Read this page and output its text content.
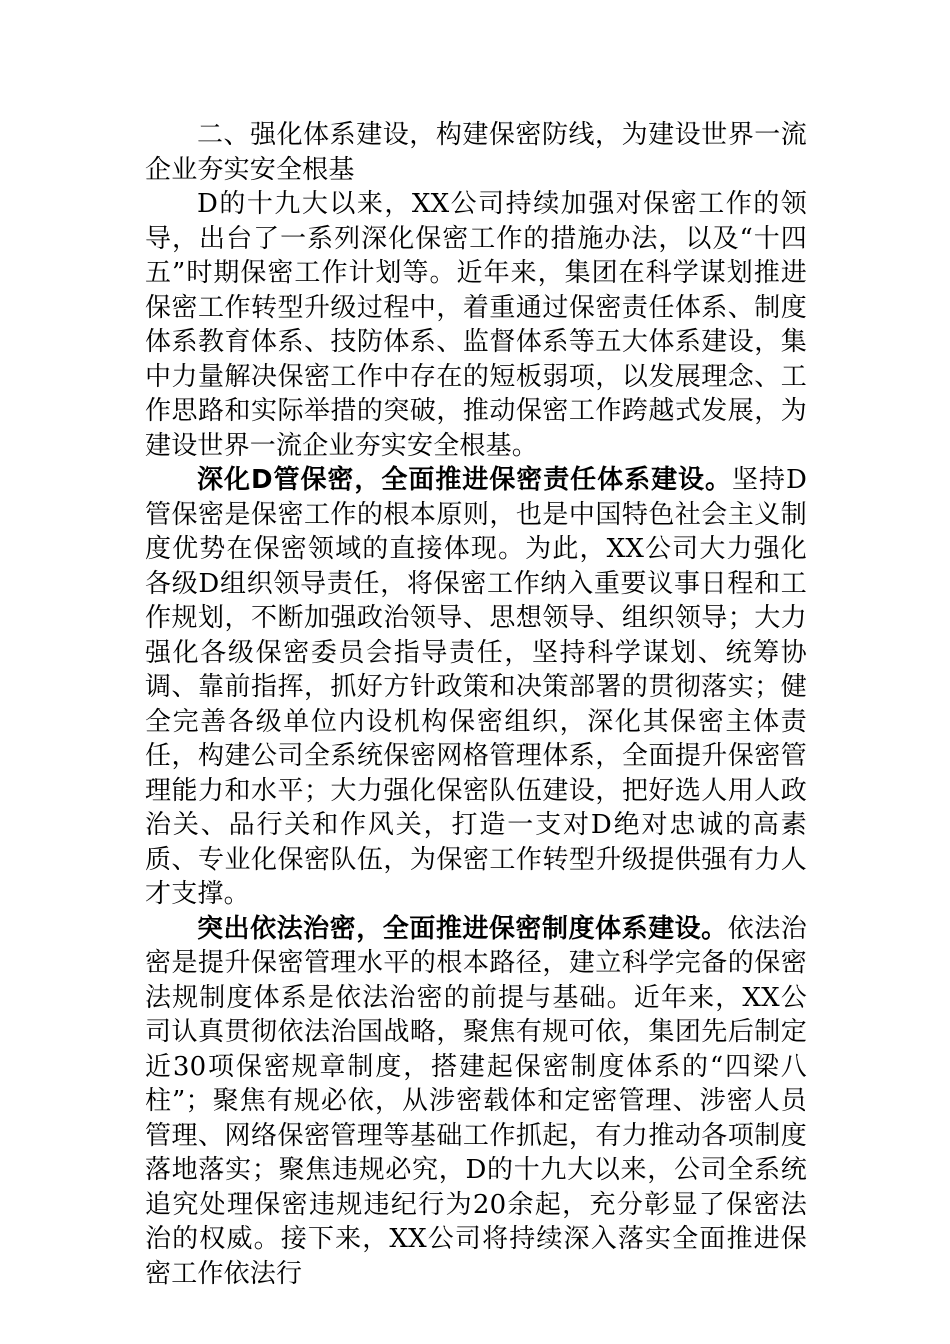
二、强化体系建设，构建保密防线，为建设世界一流企业夯实安全根基

D的十九大以来，XX公司持续加强对保密工作的领导，出台了一系列深化保密工作的措施办法，以及“十四五”时期保密工作计划等。近年来，集团在科学谋划推进保密工作转型升级过程中，着重通过保密责任体系、制度体系教育体系、技防体系、监督体系等五大体系建设，集中力量解决保密工作中存在的短板弱项，以发展理念、工作思路和实际举措的突破，推动保密工作跨越式发展，为建设世界一流企业夯实安全根基。

深化D管保密，全面推进保密责任体系建设。坚持D管保密是保密工作的根本原则，也是中国特色社会主义制度优势在保密领域的直接体现。为此，XX公司大力强化各级D组织领导责任，将保密工作纳入重要议事日程和工作规划，不断加强政治领导、思想领导、组织领导；大力强化各级保密委员会指导责任，坚持科学谋划、统筹协调、靠前指挥，抓好方针政策和决策部署的贯彻落实；健全完善各级单位内设机构保密组织，深化其保密主体责任，构建公司全系统保密网格管理体系，全面提升保密管理能力和水平；大力强化保密队伍建设，把好选人用人政治关、品行关和作风关，打造一支对D绝对忠诚的高素质、专业化保密队伍，为保密工作转型升级提供强有力人才支撑。

突出依法治密，全面推进保密制度体系建设。依法治密是提升保密管理水平的根本路径，建立科学完备的保密法规制度体系是依法治密的前提与基础。近年来，XX公司认真贯彻依法治国战略，聚焦有规可依，集团先后制定近30项保密规章制度，搭建起保密制度体系的“四梁八柱”；聚焦有规必依，从涉密载体和定密管理、涉密人员管理、网络保密管理等基础工作抓起，有力推动各项制度落地落实；聚焦违规必究，D的十九大以来，公司全系统追究处理保密违规违纪行为20余起，充分彰显了保密法治的权威。接下来，XX公司将持续深入落实全面推进保密工作依法行
